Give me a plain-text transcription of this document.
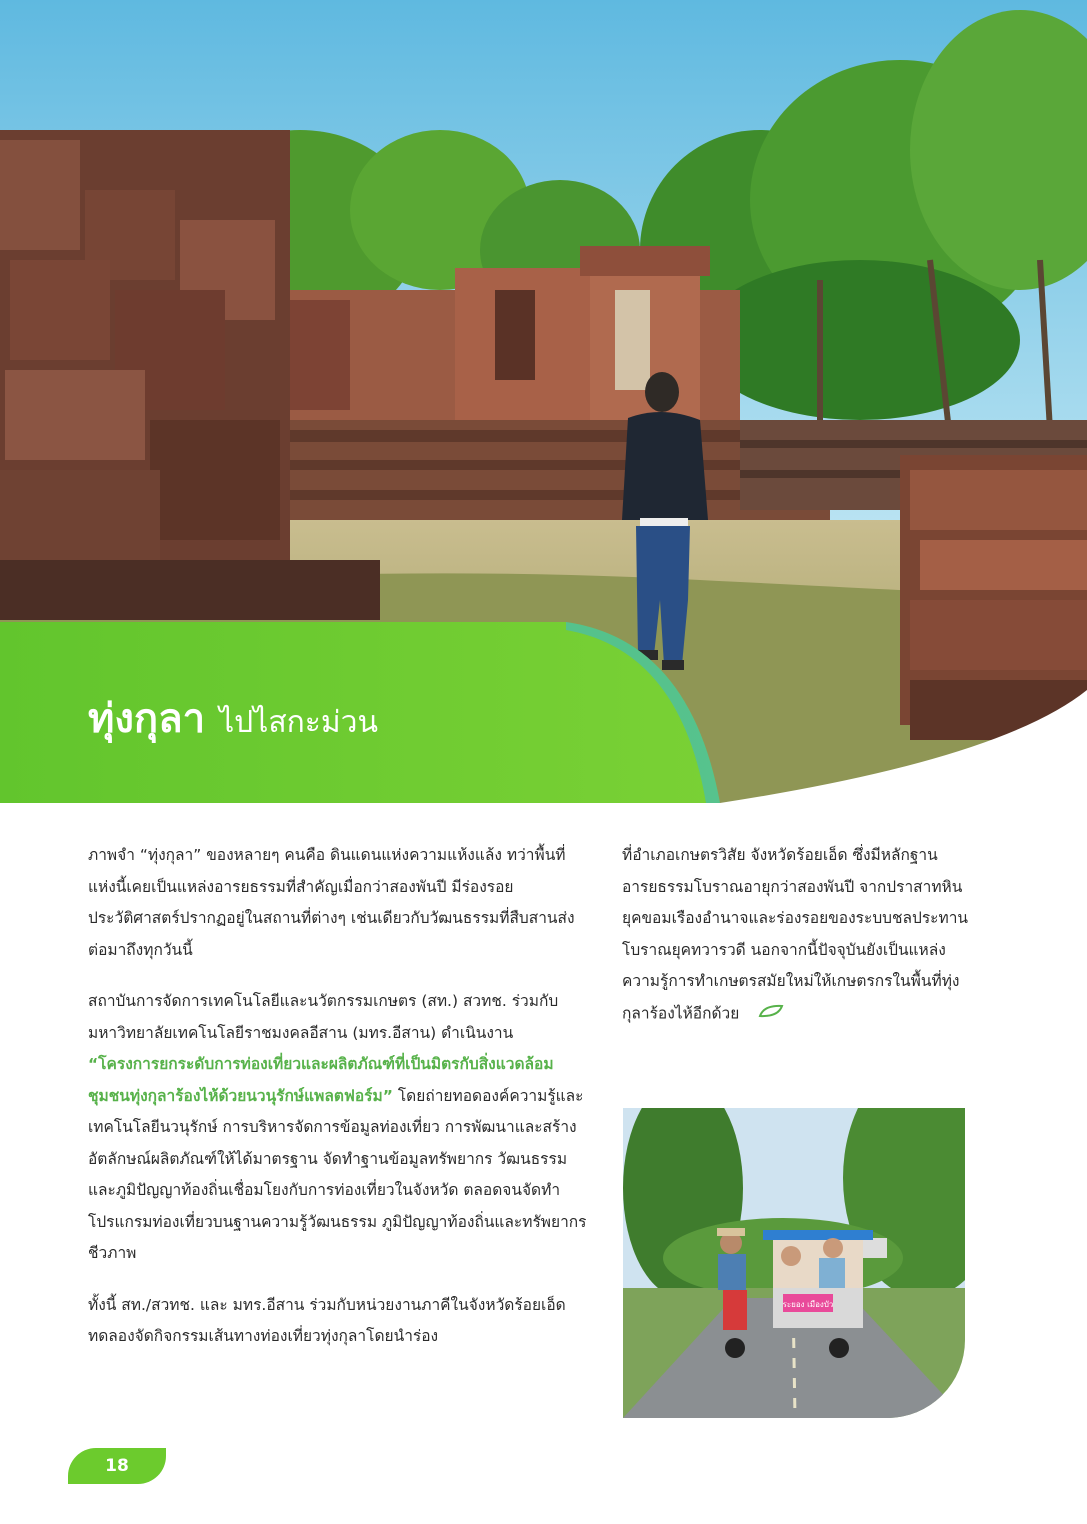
ทุ่งกุลา ไปไสกะม่วน

ภาพจำ “ทุ่งกุลา” ของหลายๆ คนคือ ดินแดนแห่งความแห้งแล้ง ทว่าพื้นที่แห่งนี้เคยเป็นแหล่งอารยธรรมที่สำคัญเมื่อกว่าสองพันปี มีร่องรอยประวัติศาสตร์ปรากฏอยู่ในสถานที่ต่างๆ เช่นเดียวกับวัฒนธรรมที่สืบสานส่งต่อมาถึงทุกวันนี้

สถาบันการจัดการเทคโนโลยีและนวัตกรรมเกษตร (สท.) สวทช. ร่วมกับมหาวิทยาลัยเทคโนโลยีราชมงคลอีสาน (มทร.อีสาน) ดำเนินงาน “โครงการยกระดับการท่องเที่ยวและผลิตภัณฑ์ที่เป็นมิตรกับสิ่งแวดล้อมชุมชนทุ่งกุลาร้องไห้ด้วยนวนุรักษ์แพลตฟอร์ม” โดยถ่ายทอดองค์ความรู้และเทคโนโลยีนวนุรักษ์ การบริหารจัดการข้อมูลท่องเที่ยว การพัฒนาและสร้างอัตลักษณ์ผลิตภัณฑ์ให้ได้มาตรฐาน จัดทำฐานข้อมูลทรัพยากร วัฒนธรรม และภูมิปัญญาท้องถิ่นเชื่อมโยงกับการท่องเที่ยวในจังหวัด ตลอดจนจัดทำโปรแกรมท่องเที่ยวบนฐานความรู้วัฒนธรรม ภูมิปัญญาท้องถิ่นและทรัพยากรชีวภาพ

ทั้งนี้ สท./สวทช. และ มทร.อีสาน ร่วมกับหน่วยงานภาคีในจังหวัดร้อยเอ็ด ทดลองจัดกิจกรรมเส้นทางท่องเที่ยวทุ่งกุลาโดยนำร่อง

ที่อำเภอเกษตรวิสัย จังหวัดร้อยเอ็ด ซึ่งมีหลักฐานอารยธรรมโบราณอายุกว่าสองพันปี จากปราสาทหินยุคขอมเรืองอำนาจและร่องรอยของระบบชลประทานโบราณยุคทวารวดี นอกจากนี้ปัจจุบันยังเป็นแหล่งความรู้การทำเกษตรสมัยใหม่ให้เกษตรกรในพื้นที่ทุ่งกุลาร้องไห้อีกด้วย

ระยอง เมืองบัว
18
